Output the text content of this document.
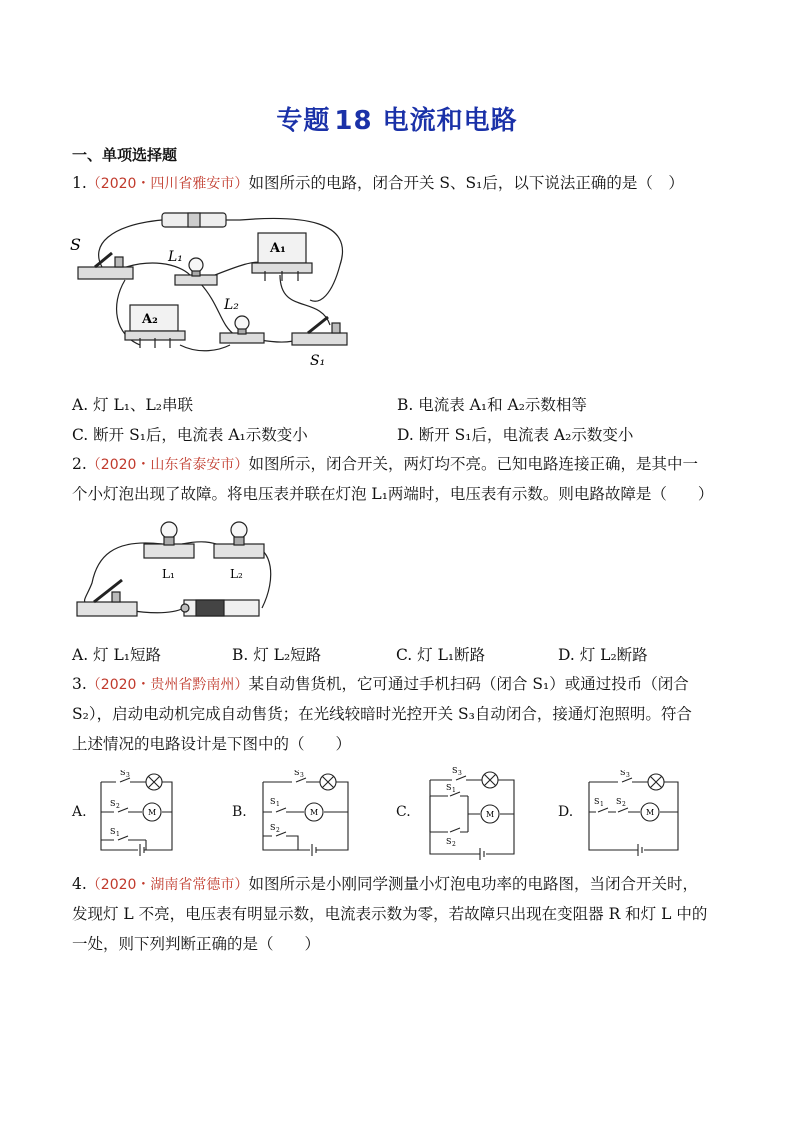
专题 18 电流和电路
一、单项选择题
1.（2020・四川省雅安市）如图所示的电路，闭合开关 S、S₁后，以下说法正确的是（　）
S
L₁
A₁
L₂
A₂
S₁
A. 灯 L₁、L₂串联	B. 电流表 A₁和 A₂示数相等
C. 断开 S₁后，电流表 A₁示数变小	D. 断开 S₁后，电流表 A₂示数变小
2.（2020・山东省泰安市）如图所示，闭合开关，两灯均不亮。已知电路连接正确，是其中一
个小灯泡出现了故障。将电压表并联在灯泡 L₁两端时，电压表有示数。则电路故障是（　　）
L₁	L₂
A. 灯 L₁短路	B. 灯 L₂短路	C. 灯 L₁断路	D. 灯 L₂断路
3.（2020・贵州省黔南州）某自动售货机，它可通过手机扫码（闭合 S₁）或通过投币（闭合
S₂），启动电动机完成自动售货；在光线较暗时光控开关 S₃自动闭合，接通灯泡照明。符合
上述情况的电路设计是下图中的（　　）
A.
S 3
S 2
M
S 1
B.
S 3
S 1
M
S 2
C.
S 3
S 1
M
S 2
D.
S 3
S 1 S 2
M
4.（2020・湖南省常德市）如图所示是小刚同学测量小灯泡电功率的电路图，当闭合开关时，
发现灯 L 不亮，电压表有明显示数，电流表示数为零，若故障只出现在变阻器 R 和灯 L 中的
一处，则下列判断正确的是（　　）
